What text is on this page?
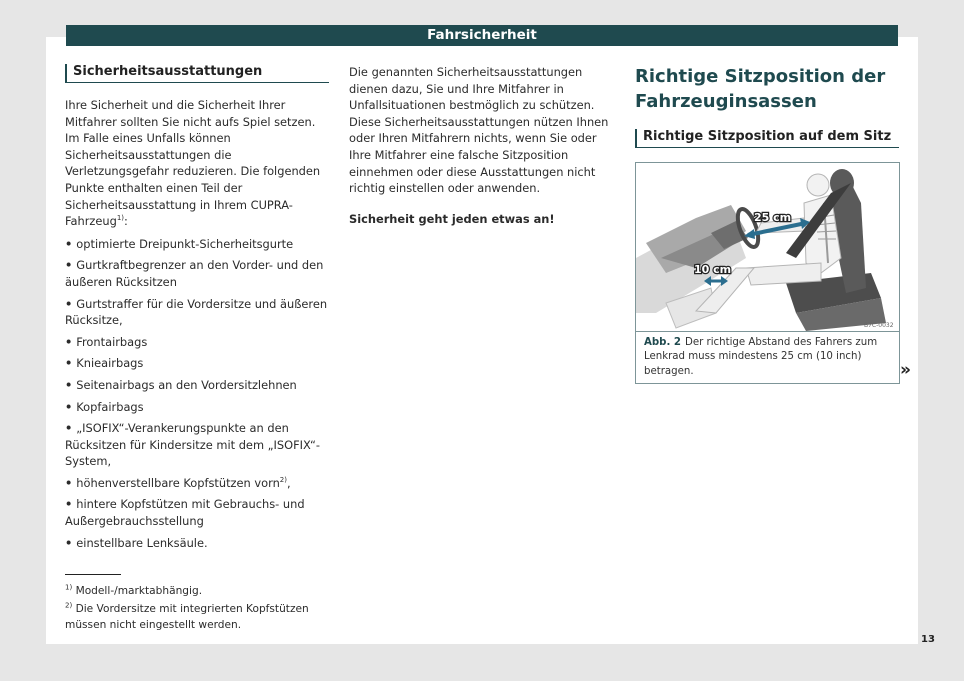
Fahrsicherheit
Sicherheitsausstattungen

Ihre Sicherheit und die Sicherheit Ihrer Mitfahrer sollten Sie nicht aufs Spiel setzen. Im Falle eines Unfalls können Sicherheitsausstattungen die Verletzungsgefahr reduzieren. Die folgenden Punkte enthalten einen Teil der Sicherheitsausstattung in Ihrem CUPRA-Fahrzeug$^{1)}$:

• optimierte Dreipunkt-Sicherheitsgurte
• Gurtkraftbegrenzer an den Vorder- und den äußeren Rücksitzen
• Gurtstraffer für die Vordersitze und äußeren Rücksitze,
• Frontairbags
• Knieairbags
• Seitenairbags an den Vordersitzlehnen
• Kopfairbags
• „ISOFIX“-Verankerungspunkte an den Rücksitzen für Kindersitze mit dem „ISOFIX“-System,
• höhenverstellbare Kopfstützen vorn$^{2)}$,
• hintere Kopfstützen mit Gebrauchs- und Außergebrauchsstellung
• einstellbare Lenksäule.

$^{1)}$ Modell-/marktabhängig.

$^{2)}$ Die Vordersitze mit integrierten Kopfstützen müssen nicht eingestellt werden.

Die genannten Sicherheitsausstattungen dienen dazu, Sie und Ihre Mitfahrer in Unfallsituationen bestmöglich zu schützen. Diese Sicherheitsausstattungen nützen Ihnen oder Ihren Mitfahrern nichts, wenn Sie oder Ihre Mitfahrer eine falsche Sitzposition einnehmen oder diese Ausstattungen nicht richtig einstellen oder anwenden.

Sicherheit geht jeden etwas an!

Richtige Sitzposition der Fahrzeuginsassen

Richtige Sitzposition auf dem Sitz
25 cm
10 cm
B7C-0032
Abb. 2 Der richtige Abstand des Fahrers zum Lenkrad muss mindestens 25 cm (10 inch) betragen.	»
13
